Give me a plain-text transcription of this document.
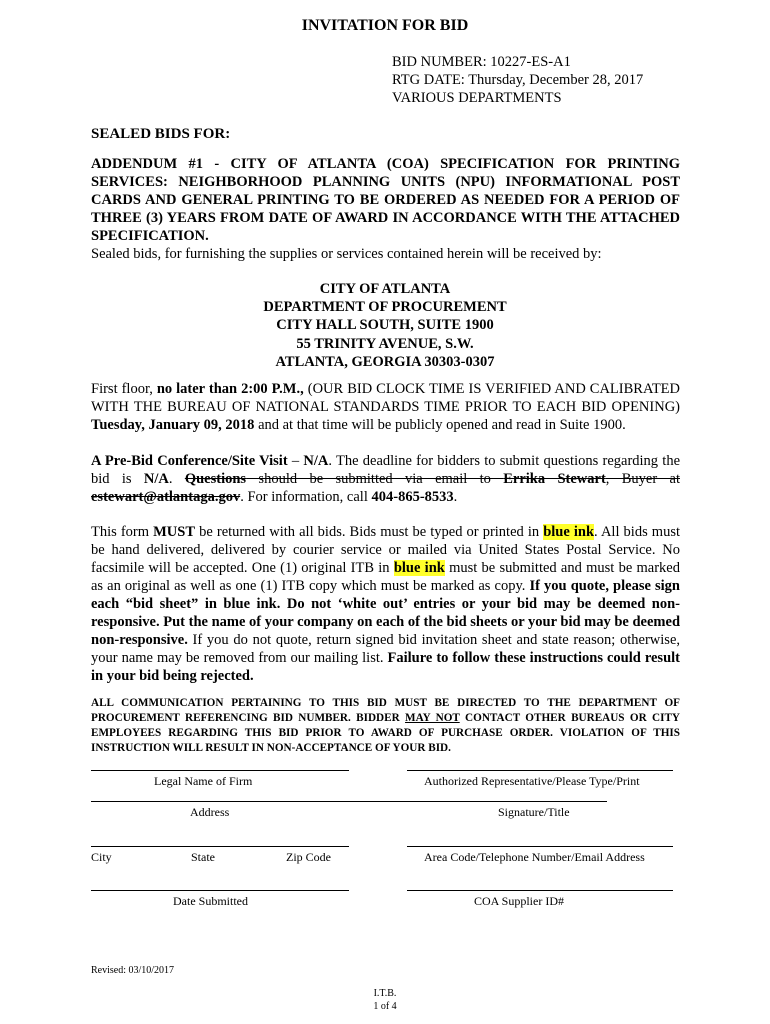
INVITATION FOR BID
BID NUMBER: 10227-ES-A1
RTG DATE: Thursday, December 28, 2017
VARIOUS DEPARTMENTS
SEALED BIDS FOR:
ADDENDUM #1 - CITY OF ATLANTA (COA) SPECIFICATION FOR PRINTING SERVICES: NEIGHBORHOOD PLANNING UNITS (NPU) INFORMATIONAL POST CARDS AND GENERAL PRINTING TO BE ORDERED AS NEEDED FOR A PERIOD OF THREE (3) YEARS FROM DATE OF AWARD IN ACCORDANCE WITH THE ATTACHED SPECIFICATION.
Sealed bids, for furnishing the supplies or services contained herein will be received by:
CITY OF ATLANTA
DEPARTMENT OF PROCUREMENT
CITY HALL SOUTH, SUITE 1900
55 TRINITY AVENUE, S.W.
ATLANTA, GEORGIA 30303-0307
First floor, no later than 2:00 P.M., (OUR BID CLOCK TIME IS VERIFIED AND CALIBRATED WITH THE BUREAU OF NATIONAL STANDARDS TIME PRIOR TO EACH BID OPENING) Tuesday, January 09, 2018 and at that time will be publicly opened and read in Suite 1900.
A Pre-Bid Conference/Site Visit – N/A. The deadline for bidders to submit questions regarding the bid is N/A. Questions should be submitted via email to Errika Stewart, Buyer at estewart@atlantaga.gov. For information, call 404-865-8533.
This form MUST be returned with all bids. Bids must be typed or printed in blue ink. All bids must be hand delivered, delivered by courier service or mailed via United States Postal Service. No facsimile will be accepted. One (1) original ITB in blue ink must be submitted and must be marked as an original as well as one (1) ITB copy which must be marked as copy. If you quote, please sign each “bid sheet” in blue ink. Do not ‘white out’ entries or your bid may be deemed non-responsive. Put the name of your company on each of the bid sheets or your bid may be deemed non-responsive. If you do not quote, return signed bid invitation sheet and state reason; otherwise, your name may be removed from our mailing list. Failure to follow these instructions could result in your bid being rejected.
ALL COMMUNICATION PERTAINING TO THIS BID MUST BE DIRECTED TO THE DEPARTMENT OF PROCUREMENT REFERENCING BID NUMBER. BIDDER MAY NOT CONTACT OTHER BUREAUS OR CITY EMPLOYEES REGARDING THIS BID PRIOR TO AWARD OF PURCHASE ORDER. VIOLATION OF THIS INSTRUCTION WILL RESULT IN NON-ACCEPTANCE OF YOUR BID.
Legal Name of Firm	Authorized Representative/Please Type/Print
Address	Signature/Title
City	State	Zip Code	Area Code/Telephone Number/Email Address
Date Submitted	COA Supplier ID#
Revised: 03/10/2017
I.T.B.
1 of 4
